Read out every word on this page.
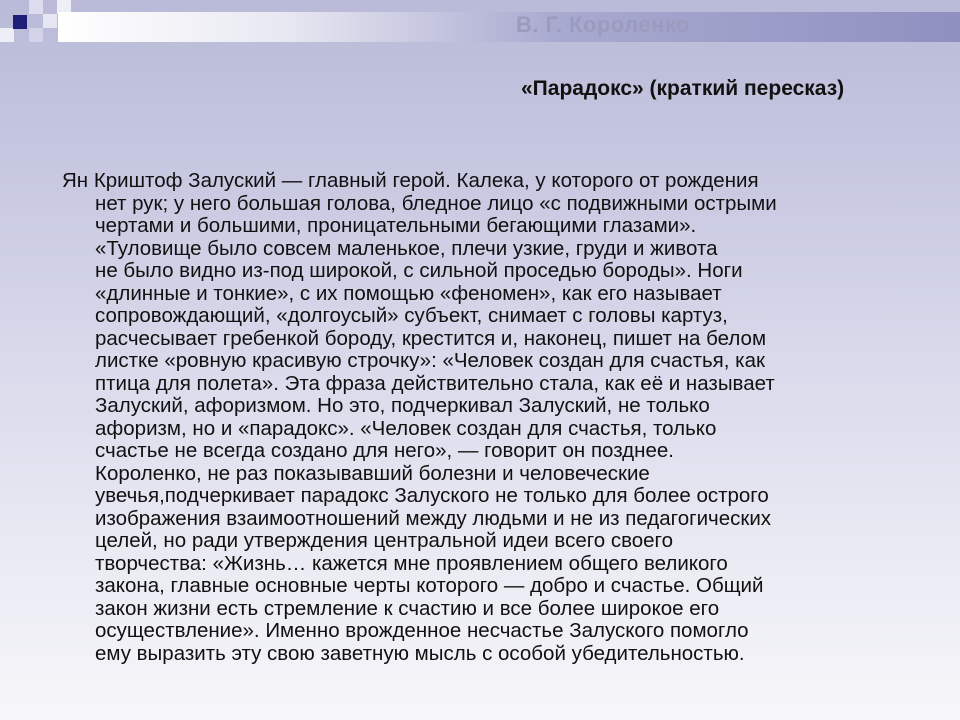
В. Г. Короленко
«Парадокс» (краткий пересказ)
Ян Криштоф Залуский — главный герой. Калека, у которого от рождения
нет рук; у него большая голова, бледное лицо «с подвижными острыми
чертами и большими, проницательными бегающими глазами».
«Туловище было совсем маленькое, плечи узкие, груди и живота
не было видно из-под широкой, с сильной проседью бороды». Ноги
«длинные и тонкие», с их помощью «феномен», как его называет
сопровождающий, «долгоусый» субъект, снимает с головы картуз,
расчесывает гребенкой бороду, крестится и, наконец, пишет на белом
листке «ровную красивую строчку»: «Человек создан для счастья, как
птица для полета». Эта фраза действительно стала, как её и называет
Залуский, афоризмом. Но это, подчеркивал Залуский, не только
афоризм, но и «парадокс». «Человек создан для счастья, только
счастье не всегда создано для него», — говорит он позднее.
Короленко, не раз показывавший болезни и человеческие
увечья,подчеркивает парадокс Залуского не только для более острого
изображения взаимоотношений между людьми и не из педагогических
целей, но ради утверждения центральной идеи всего своего
творчества: «Жизнь… кажется мне проявлением общего великого
закона, главные основные черты которого — добро и счастье. Общий
закон жизни есть стремление к счастию и все более широкое его
осуществление». Именно врожденное несчастье Залуского помогло
ему выразить эту свою заветную мысль с особой убедительностью.
